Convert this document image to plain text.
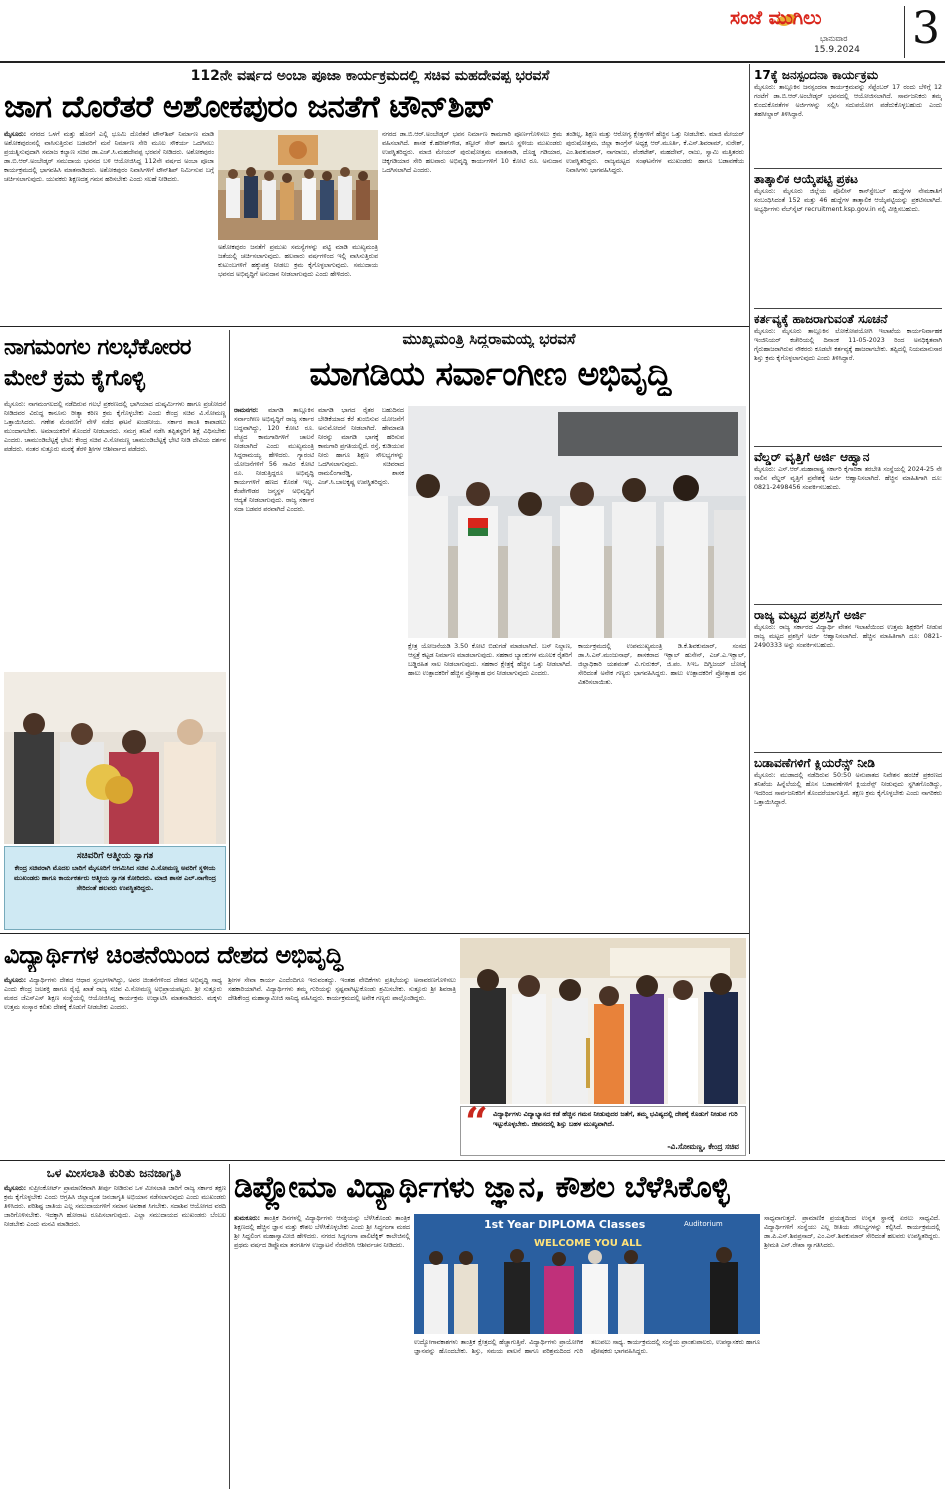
ಸಂಜೆ ಮುಗಿಲು
ಭಾನುವಾರ
15.9.2024 3
112ನೇ ವರ್ಷದ ಅಂಬಾ ಪೂಜಾ ಕಾರ್ಯಕ್ರಮದಲ್ಲಿ ಸಚಿವ ಮಹದೇವಪ್ಪ ಭರವಸೆ
ಜಾಗ ದೊರೆತರೆ ಅಶೋಕಪುರಂ ಜನತೆಗೆ ಟೌನ್‌ಶಿಪ್
ಮೈಸೂರು: ನಗರದ ಒಳಗೆ ಮತ್ತು ಹೊರಗೆ ಎಲ್ಲಿ ಭೂಮಿ ದೊರೆತರೆ ಟೌನ್‌ಶಿಪ್ ನಿರ್ಮಾಣ ಮಾಡಿ ಅಶೋಕಪುರಂನಲ್ಲಿ ವಾಸಿಸುತ್ತಿರುವ ಬಡವರಿಗೆ ಮನೆ ನಿರ್ಮಾಣ ಸೇರಿ ಮೂಲ ಸೌಕರ್ಯ ಒದಗಿಸಲು ಪ್ರಯತ್ನಿಸುವುದಾಗಿ ಸಮಾಜ ಕಲ್ಯಾಣ ಸಚಿವ ಡಾ.ಎಚ್.ಸಿ.ಮಹದೇವಪ್ಪ ಭರವಸೆ ನೀಡಿದರು. ಅಶೋಕಪುರಂ ಡಾ.ಬಿ.ಆರ್.ಅಂಬೇಡ್ಕರ್ ಸಮುದಾಯ ಭವನದ ಬಳಿ ಆಯೋಜಿಸಿದ್ದ 112ನೇ ವರ್ಷದ ಅಂಬಾ ಪೂಜಾ ಕಾರ್ಯಕ್ರಮದಲ್ಲಿ ಭಾಗವಹಿಸಿ ಮಾತನಾಡಿದರು. ಅಶೋಕಪುರಂ ನಿವಾಸಿಗಳಿಗೆ ಟೌನ್‌ಶಿಪ್ ನಿರ್ಮಿಸುವ ಬಗ್ಗೆ ಚರ್ಚಿಸಲಾಗುವುದು. ಯುವಕರು ಶಿಕ್ಷಣದತ್ತ ಗಮನ ಹರಿಸಬೇಕು ಎಂದು ಸಲಹೆ ನೀಡಿದರು.
ಅಶೋಕಪುರಂ ಜನತೆಗೆ ಪ್ರಮುಖ ಸಮಸ್ಯೆಗಳನ್ನು ಪಟ್ಟಿ ಮಾಡಿ ಮುಖ್ಯಮಂತ್ರಿ ಜತೆಯಲ್ಲಿ ಚರ್ಚಿಸಲಾಗುವುದು. ಹಲವಾರು ವರ್ಷಗಳಿಂದ ಇಲ್ಲಿ ವಾಸಿಸುತ್ತಿರುವ ಕುಟುಂಬಗಳಿಗೆ ಹಕ್ಕುಪತ್ರ ನೀಡಲು ಕ್ರಮ ಕೈಗೊಳ್ಳಲಾಗುವುದು. ಸಮುದಾಯ ಭವನದ ಅಭಿವೃದ್ಧಿಗೆ ಅನುದಾನ ನೀಡಲಾಗುವುದು ಎಂದು ಹೇಳಿದರು.
ನಗರದ ಡಾ.ಬಿ.ಆರ್.ಅಂಬೇಡ್ಕರ್ ಭವನ ನಿರ್ಮಾಣ ಕಾಮಗಾರಿ ಪೂರ್ಣಗೊಳಿಸಲು ಕ್ರಮ ವಹಿಸಲಾಗಿದೆ. ಶಾಸಕ ಕೆ.ಹರೀಶ್‌ಗೌಡ, ತನ್ವೀರ್ ಸೇಠ್ ಹಾಗೂ ಸ್ಥಳೀಯ ಮುಖಂಡರು ಉಪಸ್ಥಿತರಿದ್ದರು. ಮಾಜಿ ಮೇಯರ್ ಪುರುಷೋತ್ತಮ ಮಾತನಾಡಿ, ದೊಡ್ಡ ಗಡಿಯಾರ, ಚಿಕ್ಕಗಡಿಯಾರ ಸೇರಿ ಹಲವಾರು ಅಭಿವೃದ್ಧಿ ಕಾರ್ಯಗಳಿಗೆ 10 ಕೋಟಿ ರೂ. ಅನುದಾನ ಒದಗಿಸಲಾಗಿದೆ ಎಂದರು.
ತಂಡಿಲ್ಲ, ಶಿಕ್ಷಣ ಮತ್ತು ಆರೋಗ್ಯ ಕ್ಷೇತ್ರಗಳಿಗೆ ಹೆಚ್ಚಿನ ಒತ್ತು ನೀಡಬೇಕು. ಮಾಜಿ ಮೇಯರ್ ಪುರುಷೋತ್ತಮ, ಜಿಲ್ಲಾ ಕಾಂಗ್ರೆಸ್ ಅಧ್ಯಕ್ಷ ಆರ್.ಮೂರ್ತಿ, ಕೆ.ಎಸ್.ಶಿವರಾಮ್, ಸುರೇಶ್, ಎಂ.ಶಿವಕುಮಾರ್, ನಾಗರಾಜು, ವೆಂಕಟೇಶ್, ಮಹದೇವ್, ರಾಜು, ಸ್ವಾಮಿ ಮತ್ತಿತರರು ಉಪಸ್ಥಿತರಿದ್ದರು. ರಾಜ್ಯಮಟ್ಟದ ಸಂಘಟನೆಗಳ ಮುಖಂಡರು ಹಾಗೂ ಬಡಾವಣೆಯ ನಿವಾಸಿಗಳು ಭಾಗವಹಿಸಿದ್ದರು.
17ಕ್ಕೆ ಜನಸ್ಪಂದನಾ ಕಾರ್ಯಕ್ರಮ
ಮೈಸೂರು: ತಾಲ್ಲೂಕಿನ ಜನಸ್ಪಂದನಾ ಕಾರ್ಯಕ್ರಮವನ್ನು ಸೆಪ್ಟೆಂಬರ್ 17 ರಂದು ಬೆಳಿಗ್ಗೆ 12 ಗಂಟೆಗೆ ಡಾ.ಬಿ.ಆರ್.ಅಂಬೇಡ್ಕರ್ ಭವನದಲ್ಲಿ ಆಯೋಜಿಸಲಾಗಿದೆ. ಸಾರ್ವಜನಿಕರು ತಮ್ಮ ಕುಂದುಕೊರತೆಗಳ ಅರ್ಜಿಗಳನ್ನು ಸಲ್ಲಿಸಿ ಸದುಪಯೋಗ ಪಡೆದುಕೊಳ್ಳಬಹುದು ಎಂದು ತಹಸೀಲ್ದಾರ್ ತಿಳಿಸಿದ್ದಾರೆ.
ತಾತ್ಕಾಲಿಕ ಆಯ್ಕೆಪಟ್ಟಿ ಪ್ರಕಟ
ಮೈಸೂರು: ಮೈಸೂರು ಜಿಲ್ಲೆಯ ಪೊಲೀಸ್ ಕಾನ್‌ಸ್ಟೇಬಲ್ ಹುದ್ದೆಗಳ ನೇಮಕಾತಿಗೆ ಸಂಬಂಧಿಸಿದಂತೆ 152 ಮತ್ತು 46 ಹುದ್ದೆಗಳ ತಾತ್ಕಾಲಿಕ ಆಯ್ಕೆಪಟ್ಟಿಯನ್ನು ಪ್ರಕಟಿಸಲಾಗಿದೆ. ಅಭ್ಯರ್ಥಿಗಳು ವೆಬ್‌ಸೈಟ್ recruitment.ksp.gov.in ನಲ್ಲಿ ವೀಕ್ಷಿಸಬಹುದು.
ಕರ್ತವ್ಯಕ್ಕೆ ಹಾಜರಾಗುವಂತೆ ಸೂಚನೆ
ಮೈಸೂರು: ಮೈಸೂರು ತಾಲ್ಲೂಕಿನ ಲೋಕೋಪಯೋಗಿ ಇಲಾಖೆಯ ಕಾರ್ಯನಿರ್ವಾಹಕ ಇಂಜಿನಿಯರ್ ಕಚೇರಿಯಲ್ಲಿ ದಿನಾಂಕ 11-05-2023 ರಿಂದ ಅನಧಿಕೃತವಾಗಿ ಗೈರುಹಾಜರಾಗಿರುವ ನೌಕರರು ಕೂಡಲೇ ಕರ್ತವ್ಯಕ್ಕೆ ಹಾಜರಾಗಬೇಕು. ತಪ್ಪಿದಲ್ಲಿ ನಿಯಮಾನುಸಾರ ಶಿಸ್ತು ಕ್ರಮ ಕೈಗೊಳ್ಳಲಾಗುವುದು ಎಂದು ತಿಳಿಸಿದ್ದಾರೆ.
ವೆಲ್ಡರ್ ವೃತ್ತಿಗೆ ಅರ್ಜಿ ಆಹ್ವಾನ
ಮೈಸೂರು: ಎಸ್.ಆರ್.ಮಹಾರಾಷ್ಟ್ರ ಸರ್ಕಾರಿ ಕೈಗಾರಿಕಾ ತರಬೇತಿ ಸಂಸ್ಥೆಯಲ್ಲಿ 2024-25 ನೇ ಸಾಲಿನ ವೆಲ್ಡರ್ ವೃತ್ತಿಗೆ ಪ್ರವೇಶಕ್ಕೆ ಅರ್ಜಿ ಆಹ್ವಾನಿಸಲಾಗಿದೆ. ಹೆಚ್ಚಿನ ಮಾಹಿತಿಗಾಗಿ ದೂ: 0821-2498456 ಸಂಪರ್ಕಿಸಬಹುದು.
ರಾಜ್ಯ ಮಟ್ಟದ ಪ್ರಶಸ್ತಿಗೆ ಅರ್ಜಿ
ಮೈಸೂರು: ರಾಜ್ಯ ಸರ್ಕಾರದ ವಿದ್ಯಾರ್ಥಿ ವೇತನ ಇಲಾಖೆಯಿಂದ ಉತ್ತಮ ಶಿಕ್ಷಕರಿಗೆ ನೀಡುವ ರಾಜ್ಯ ಮಟ್ಟದ ಪ್ರಶಸ್ತಿಗೆ ಅರ್ಜಿ ಆಹ್ವಾನಿಸಲಾಗಿದೆ. ಹೆಚ್ಚಿನ ಮಾಹಿತಿಗಾಗಿ ದೂ: 0821-2490333 ಅನ್ನು ಸಂಪರ್ಕಿಸಬಹುದು.
ಬಡಾವಣೆಗಳಿಗೆ ಕ್ಲಿಯರೆನ್ಸ್ ನೀಡಿ
ಮೈಸೂರು: ಮುಡಾದಲ್ಲಿ ನಡೆದಿರುವ 50:50 ಅನುಪಾತದ ನಿವೇಶನ ಹಂಚಿಕೆ ಪ್ರಕರಣದ ತನಿಖೆಯ ಹಿನ್ನೆಲೆಯಲ್ಲಿ ಹೊಸ ಬಡಾವಣೆಗಳಿಗೆ ಕ್ಲಿಯರೆನ್ಸ್ ನೀಡುವುದು ಸ್ಥಗಿತಗೊಂಡಿದ್ದು, ಇದರಿಂದ ಸಾರ್ವಜನಿಕರಿಗೆ ತೊಂದರೆಯಾಗುತ್ತಿದೆ. ತಕ್ಷಣ ಕ್ರಮ ಕೈಗೊಳ್ಳಬೇಕು ಎಂದು ನಾಗರಿಕರು ಒತ್ತಾಯಿಸಿದ್ದಾರೆ.
ನಾಗಮಂಗಲ ಗಲಭೆಕೋರರ ಮೇಲೆ ಕ್ರಮ ಕೈಗೊಳ್ಳಿ
ಮೈಸೂರು: ನಾಗಮಂಗಲದಲ್ಲಿ ನಡೆದಿರುವ ಗಲಭೆ ಪ್ರಕರಣದಲ್ಲಿ ಭಾಗಿಯಾದ ದುಷ್ಕರ್ಮಿಗಳು ಹಾಗೂ ಪ್ರಚೋದನೆ ನೀಡಿದವರ ವಿರುದ್ಧ ಕಾನೂನು ರೀತ್ಯಾ ಕಠಿಣ ಕ್ರಮ ಕೈಗೊಳ್ಳಬೇಕು ಎಂದು ಕೇಂದ್ರ ಸಚಿವ ವಿ.ಸೋಮಣ್ಣ ಒತ್ತಾಯಿಸಿದರು. ಗಣೇಶ ಮೆರವಣಿಗೆ ವೇಳೆ ನಡೆದ ಘಟನೆ ಖಂಡನೀಯ. ಸರ್ಕಾರ ಶಾಂತಿ ಕಾಪಾಡಲು ಮುಂದಾಗಬೇಕು. ಅಮಾಯಕರಿಗೆ ತೊಂದರೆ ನೀಡಬಾರದು. ಸಮಗ್ರ ತನಿಖೆ ನಡೆಸಿ ತಪ್ಪಿತಸ್ಥರಿಗೆ ಶಿಕ್ಷೆ ವಿಧಿಸಬೇಕು ಎಂದರು. ಚಾಮುಂಡಿಬೆಟ್ಟಕ್ಕೆ ಭೇಟಿ: ಕೇಂದ್ರ ಸಚಿವ ವಿ.ಸೋಮಣ್ಣ ಚಾಮುಂಡಿಬೆಟ್ಟಕ್ಕೆ ಭೇಟಿ ನೀಡಿ ದೇವಿಯ ದರ್ಶನ ಪಡೆದರು. ನಂತರ ಸುತ್ತೂರು ಮಠಕ್ಕೆ ತೆರಳಿ ಶ್ರೀಗಳ ಆಶೀರ್ವಾದ ಪಡೆದರು.
ಸಚಿವರಿಗೆ ಆತ್ಮೀಯ ಸ್ವಾಗತ
ಕೇಂದ್ರ ಸಚಿವರಾಗಿ ಮೊದಲ ಬಾರಿಗೆ ಮೈಸೂರಿಗೆ ಆಗಮಿಸಿದ ಸಚಿವ ವಿ.ಸೋಮಣ್ಣ ಅವರಿಗೆ ಸ್ಥಳೀಯ ಮುಖಂಡರು ಹಾಗೂ ಕಾರ್ಯಕರ್ತರು ಆತ್ಮೀಯ ಸ್ವಾಗತ ಕೋರಿದರು. ಮಾಜಿ ಶಾಸಕ ಎಲ್.ನಾಗೇಂದ್ರ ಸೇರಿದಂತೆ ಹಲವರು ಉಪಸ್ಥಿತರಿದ್ದರು.
ಮುಖ್ಯಮಂತ್ರಿ ಸಿದ್ದರಾಮಯ್ಯ ಭರವಸೆ
ಮಾಗಡಿಯ ಸರ್ವಾಂಗೀಣ ಅಭಿವೃದ್ಧಿ
ರಾಮನಗರ: ಮಾಗಡಿ ತಾಲ್ಲೂಕಿನ ಸರ್ವಾಂಗೀಣ ಅಭಿವೃದ್ಧಿಗೆ ರಾಜ್ಯ ಸರ್ಕಾರ ಬದ್ಧವಾಗಿದ್ದು, 120 ಕೋಟಿ ರೂ. ವೆಚ್ಚದ ಕಾಮಗಾರಿಗಳಿಗೆ ಚಾಲನೆ ನೀಡಲಾಗಿದೆ ಎಂದು ಮುಖ್ಯಮಂತ್ರಿ ಸಿದ್ದರಾಮಯ್ಯ ಹೇಳಿದರು. ಗ್ಯಾರಂಟಿ ಯೋಜನೆಗಳಿಗೆ 56 ಸಾವಿರ ಕೋಟಿ ರೂ. ನೀಡುತ್ತಿದ್ದರೂ ಅಭಿವೃದ್ಧಿ ಕಾರ್ಯಗಳಿಗೆ ಹಣದ ಕೊರತೆ ಇಲ್ಲ. ಕೆಂಪೇಗೌಡರ ಜನ್ಮಸ್ಥಳ ಅಭಿವೃದ್ಧಿಗೆ ಆದ್ಯತೆ ನೀಡಲಾಗುವುದು. ರಾಜ್ಯ ಸರ್ಕಾರ ಸದಾ ಬಡವರ ಪರವಾಗಿದೆ ಎಂದರು.
ಮಾಗಡಿ ಭಾಗದ ರೈತರ ಬಹುದಿನದ ಬೇಡಿಕೆಯಾದ ಕೆರೆ ತುಂಬಿಸುವ ಯೋಜನೆಗೆ ಅನುಮೋದನೆ ನೀಡಲಾಗಿದೆ. ಹೇಮಾವತಿ ನೀರನ್ನು ಮಾಗಡಿ ಭಾಗಕ್ಕೆ ಹರಿಸುವ ಕಾಮಗಾರಿ ಪ್ರಗತಿಯಲ್ಲಿದೆ. ರಸ್ತೆ, ಕುಡಿಯುವ ನೀರು ಹಾಗೂ ಶಿಕ್ಷಣ ಸೌಲಭ್ಯಗಳನ್ನು ಒದಗಿಸಲಾಗುವುದು. ಸಚಿವರಾದ ರಾಮಲಿಂಗಾರೆಡ್ಡಿ, ಶಾಸಕ ಎಚ್.ಸಿ.ಬಾಲಕೃಷ್ಣ ಉಪಸ್ಥಿತರಿದ್ದರು.
ಕ್ಷೇತ್ರ ಯೋಜನೆಯಡಿ 3.50 ಕೋಟಿ ಬಿಡುಗಡೆ ಮಾಡಲಾಗಿದೆ. ಬಸ್ ನಿಲ್ದಾಣ, ಆಸ್ಪತ್ರೆ ಕಟ್ಟಡ ನಿರ್ಮಾಣ ಮಾಡಲಾಗುವುದು. ಸಹಕಾರ ಬ್ಯಾಂಕುಗಳ ಮೂಲಕ ರೈತರಿಗೆ ಬಡ್ಡಿರಹಿತ ಸಾಲ ನೀಡಲಾಗುವುದು. ಸಹಕಾರ ಕ್ಷೇತ್ರಕ್ಕೆ ಹೆಚ್ಚಿನ ಒತ್ತು ನೀಡಲಾಗಿದೆ. ಹಾಲು ಉತ್ಪಾದಕರಿಗೆ ಹೆಚ್ಚಿನ ಪ್ರೋತ್ಸಾಹ ಧನ ನೀಡಲಾಗುವುದು ಎಂದರು.
ಕಾರ್ಯಕ್ರಮದಲ್ಲಿ ಉಪಮುಖ್ಯಮಂತ್ರಿ ಡಿ.ಕೆ.ಶಿವಕುಮಾರ್, ಸಂಸದ ಡಾ.ಸಿ.ಎನ್.ಮಂಜುನಾಥ್, ಶಾಸಕರಾದ ಇಕ್ಬಾಲ್ ಹುಸೇನ್, ಎಚ್.ಎ.ಇಕ್ಬಾಲ್, ಜಿಲ್ಲಾಧಿಕಾರಿ ಯಶವಂತ್ ವಿ.ಗುರುಕರ್, ಜಿ.ಪಂ. ಸಿಇಒ ದಿಗ್ವಿಜಯ್ ಬೋಡ್ಕೆ ಸೇರಿದಂತೆ ಅನೇಕ ಗಣ್ಯರು ಭಾಗವಹಿಸಿದ್ದರು. ಹಾಲು ಉತ್ಪಾದಕರಿಗೆ ಪ್ರೋತ್ಸಾಹ ಧನ ವಿತರಿಸಲಾಯಿತು.
ವಿದ್ಯಾರ್ಥಿಗಳ ಚಿಂತನೆಯಿಂದ ದೇಶದ ಅಭಿವೃದ್ಧಿ
ಮೈಸೂರು: ವಿದ್ಯಾರ್ಥಿಗಳು ದೇಶದ ಆಧಾರ ಸ್ತಂಭಗಳಾಗಿದ್ದು, ಅವರ ಚಿಂತನೆಗಳಿಂದ ದೇಶದ ಅಭಿವೃದ್ಧಿ ಸಾಧ್ಯ ಎಂದು ಕೇಂದ್ರ ಜಲಶಕ್ತಿ ಹಾಗೂ ರೈಲ್ವೆ ಖಾತೆ ರಾಜ್ಯ ಸಚಿವ ವಿ.ಸೋಮಣ್ಣ ಅಭಿಪ್ರಾಯಪಟ್ಟರು. ಶ್ರೀ ಸುತ್ತೂರು ಮಠದ ಜೆಎಸ್‌ಎಸ್ ಶಿಕ್ಷಣ ಸಂಸ್ಥೆಯಲ್ಲಿ ಆಯೋಜಿಸಿದ್ದ ಕಾರ್ಯಕ್ರಮ ಉದ್ಘಾಟಿಸಿ ಮಾತನಾಡಿದರು. ಮಕ್ಕಳು ಉತ್ತಮ ಸಂಸ್ಕಾರ ಕಲಿತು ದೇಶಕ್ಕೆ ಕೊಡುಗೆ ನೀಡಬೇಕು ಎಂದರು.
ಶ್ರೀಗಳ ಸೇವಾ ಕಾರ್ಯ ಎಂದೆಂದಿಗೂ ಇರುವಂತದ್ದು. ಇಂತಹ ವೇದಿಕೆಗಳು ಪ್ರತಿಭೆಯನ್ನು ಅನಾವರಣಗೊಳಿಸಲು ಸಹಕಾರಿಯಾಗಿವೆ. ವಿದ್ಯಾರ್ಥಿಗಳು ತಮ್ಮ ಗುರಿಯನ್ನು ಸ್ಪಷ್ಟವಾಗಿಟ್ಟುಕೊಂಡು ಶ್ರಮಿಸಬೇಕು. ಸುತ್ತೂರು ಶ್ರೀ ಶಿವರಾತ್ರಿ ದೇಶಿಕೇಂದ್ರ ಮಹಾಸ್ವಾಮೀಜಿ ಸಾನಿಧ್ಯ ವಹಿಸಿದ್ದರು. ಕಾರ್ಯಕ್ರಮದಲ್ಲಿ ಅನೇಕ ಗಣ್ಯರು ಪಾಲ್ಗೊಂಡಿದ್ದರು.
“ ವಿದ್ಯಾರ್ಥಿಗಳು ವಿದ್ಯಾಭ್ಯಾಸದ ಕಡೆ ಹೆಚ್ಚಿನ ಗಮನ ನೀಡುವುದರ ಜತೆಗೆ, ತಮ್ಮ ಭವಿಷ್ಯದಲ್ಲಿ ದೇಶಕ್ಕೆ ಕೊಡುಗೆ ನೀಡುವ ಗುರಿ ಇಟ್ಟುಕೊಳ್ಳಬೇಕು. ಜೀವನದಲ್ಲಿ ಶಿಸ್ತು ಬಹಳ ಮುಖ್ಯವಾಗಿದೆ.
-ವಿ.ಸೋಮಣ್ಣ, ಕೇಂದ್ರ ಸಚಿವ
ಒಳ ಮೀಸಲಾತಿ ಕುರಿತು ಜನಜಾಗೃತಿ
ಮೈಸೂರು: ಸುಪ್ರೀಂಕೋರ್ಟ್ ಪ್ರಾಮಾಣಿಕವಾಗಿ ತೀರ್ಪು ನೀಡಿರುವ ಒಳ ಮೀಸಲಾತಿ ಜಾರಿಗೆ ರಾಜ್ಯ ಸರ್ಕಾರ ತಕ್ಷಣ ಕ್ರಮ ಕೈಗೊಳ್ಳಬೇಕು ಎಂದು ಆಗ್ರಹಿಸಿ ಜಿಲ್ಲಾದ್ಯಂತ ಜನಜಾಗೃತಿ ಅಭಿಯಾನ ನಡೆಸಲಾಗುವುದು ಎಂದು ಮುಖಂಡರು ತಿಳಿಸಿದರು. ಪರಿಶಿಷ್ಟ ಜಾತಿಯ ಎಲ್ಲ ಸಮುದಾಯಗಳಿಗೆ ಸಮಾನ ಅವಕಾಶ ಸಿಗಬೇಕು. ಸದಾಶಿವ ಆಯೋಗದ ವರದಿ ಜಾರಿಗೊಳಿಸಬೇಕು. ಇದಕ್ಕಾಗಿ ಹೋರಾಟ ರೂಪಿಸಲಾಗುವುದು. ಎಲ್ಲಾ ಸಮುದಾಯದ ಮುಖಂಡರು ಬೆಂಬಲ ನೀಡಬೇಕು ಎಂದು ಮನವಿ ಮಾಡಿದರು.
ಡಿಪ್ಲೋಮಾ ವಿದ್ಯಾರ್ಥಿಗಳು ಜ್ಞಾನ, ಕೌಶಲ ಬೆಳೆಸಿಕೊಳ್ಳಿ
ತುಮಕೂರು: ತಾಂತ್ರಿಕ ದಿನಗಳಲ್ಲಿ ವಿದ್ಯಾರ್ಥಿಗಳು ಆಸಕ್ತಿಯನ್ನು ಬೆಳೆಸಿಕೊಂಡು ತಾಂತ್ರಿಕ ಶಿಕ್ಷಣದಲ್ಲಿ ಹೆಚ್ಚಿನ ಜ್ಞಾನ ಮತ್ತು ಕೌಶಲ ಬೆಳೆಸಿಕೊಳ್ಳಬೇಕು ಎಂದು ಶ್ರೀ ಸಿದ್ಧಗಂಗಾ ಮಠದ ಶ್ರೀ ಸಿದ್ದಲಿಂಗ ಮಹಾಸ್ವಾಮೀಜಿ ಹೇಳಿದರು. ನಗರದ ಸಿದ್ಧಗಂಗಾ ಪಾಲಿಟೆಕ್ನಿಕ್ ಕಾಲೇಜಿನಲ್ಲಿ ಪ್ರಥಮ ವರ್ಷದ ಡಿಪ್ಲೊಮಾ ತರಗತಿಗಳ ಉದ್ಘಾಟನೆ ನೆರವೇರಿಸಿ ಆಶೀರ್ವಚನ ನೀಡಿದರು.
1st Year DIPLOMA Classes
WELCOME YOU ALL
Auditorium
ಉದ್ಯೋಗಾವಕಾಶಗಳು ತಾಂತ್ರಿಕ ಕ್ಷೇತ್ರದಲ್ಲಿ ಹೆಚ್ಚಾಗುತ್ತಿವೆ. ವಿದ್ಯಾರ್ಥಿಗಳು ಪ್ರಾಯೋಗಿಕ ಜ್ಞಾನವನ್ನು ಹೊಂದಬೇಕು. ಶಿಸ್ತು, ಸಮಯ ಪಾಲನೆ ಹಾಗೂ ಪರಿಶ್ರಮದಿಂದ ಗುರಿ ತಲುಪಲು ಸಾಧ್ಯ. ಕಾರ್ಯಕ್ರಮದಲ್ಲಿ ಸಂಸ್ಥೆಯ ಪ್ರಾಂಶುಪಾಲರು, ಉಪನ್ಯಾಸಕರು ಹಾಗೂ ಪೋಷಕರು ಭಾಗವಹಿಸಿದ್ದರು.
ಸಾಧ್ಯವಾಗುತ್ತದೆ. ಪ್ರಾಮಾಣಿಕ ಪ್ರಯತ್ನದಿಂದ ಉನ್ನತ ಸ್ಥಾನಕ್ಕೆ ಏರಲು ಸಾಧ್ಯವಿದೆ. ವಿದ್ಯಾರ್ಥಿಗಳಿಗೆ ಸಂಸ್ಥೆಯು ಎಲ್ಲ ರೀತಿಯ ಸೌಲಭ್ಯಗಳನ್ನು ಕಲ್ಪಿಸಿದೆ. ಕಾರ್ಯಕ್ರಮದಲ್ಲಿ ಡಾ.ಪಿ.ಎಸ್.ಶಿವಪ್ರಸಾದ್, ಎಂ.ಎನ್.ಶಿವಕುಮಾರ್ ಸೇರಿದಂತೆ ಹಲವರು ಉಪಸ್ಥಿತರಿದ್ದರು. ಶ್ರೀಮತಿ ಎನ್.ರೇಖಾ ಸ್ವಾಗತಿಸಿದರು.
